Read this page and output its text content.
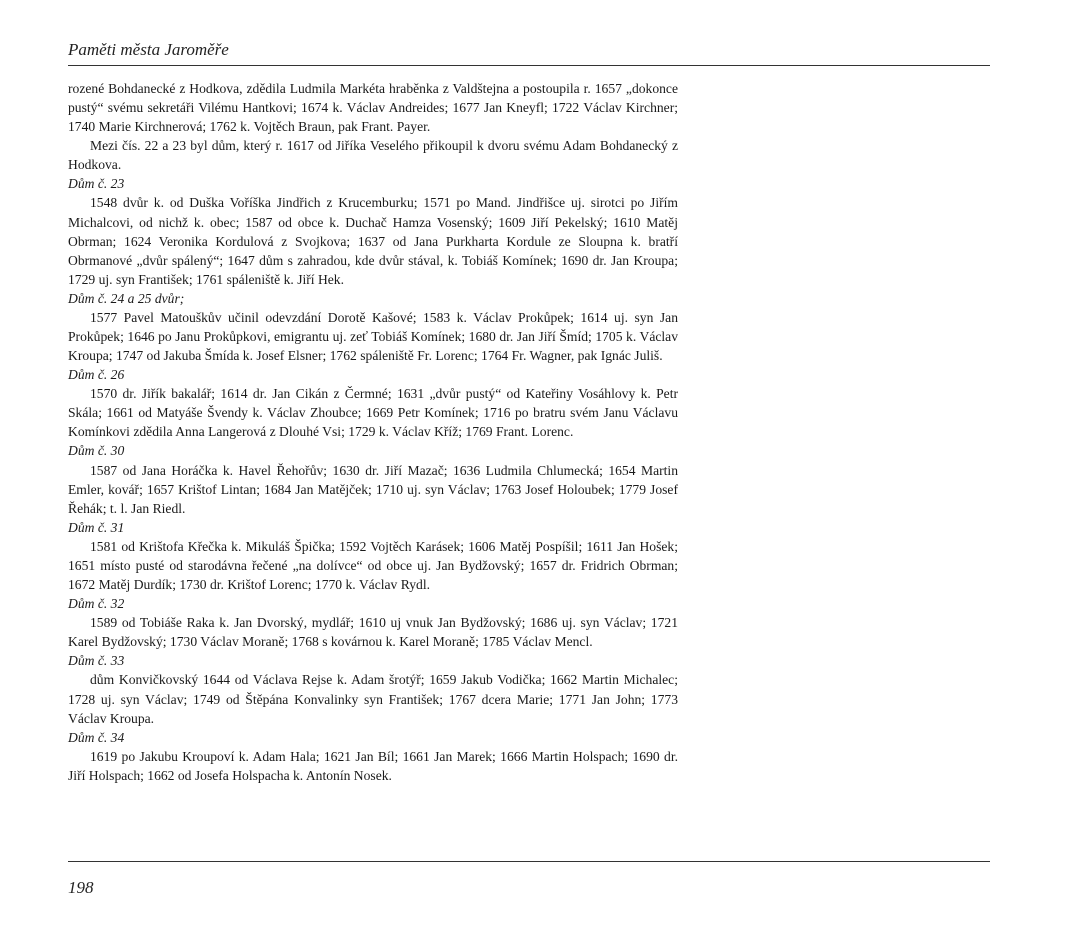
Paměti města Jaroměře

rozené Bohdanecké z Hodkova, zdědila Ludmila Markéta hraběnka z Valdštejna a postoupila r. 1657 „dokonce pustý“ svému sekretáři Vilému Hantkovi; 1674 k. Václav Andreides; 1677 Jan Kneyfl; 1722 Václav Kirchner; 1740 Marie Kirchnerová; 1762 k. Vojtěch Braun, pak Frant. Payer.

Mezi čís. 22 a 23 byl dům, který r. 1617 od Jiříka Veselého přikoupil k dvoru svému Adam Bohdanecký z Hodkova.

Dům č. 23

1548 dvůr k. od Duška Voříška Jindřich z Krucemburku; 1571 po Mand. Jindřišce uj. sirotci po Jiřím Michalcovi, od nichž k. obec; 1587 od obce k. Duchač Hamza Vosenský; 1609 Jiří Pekelský; 1610 Matěj Obrman; 1624 Veronika Kordulová z Svojkova; 1637 od Jana Purkharta Kordule ze Sloupna k. bratří Obrmanové „dvůr spálený“; 1647 dům s zahradou, kde dvůr stával, k. Tobiáš Komínek; 1690 dr. Jan Kroupa; 1729 uj. syn František; 1761 spáleniště k. Jiří Hek.

Dům č. 24 a 25 dvůr;

1577 Pavel Matouškův učinil odevzdání Dorotě Kašové; 1583 k. Václav Prokůpek; 1614 uj. syn Jan Prokůpek; 1646 po Janu Prokůpkovi, emigrantu uj. zeť Tobiáš Komínek; 1680 dr. Jan Jiří Šmíd; 1705 k. Václav Kroupa; 1747 od Jakuba Šmída k. Josef Elsner; 1762 spáleniště Fr. Lorenc; 1764 Fr. Wagner, pak Ignác Juliš.

Dům č. 26

1570 dr. Jiřík bakalář; 1614 dr. Jan Cikán z Čermné; 1631 „dvůr pustý“ od Kateřiny Vosáhlovy k. Petr Skála; 1661 od Matyáše Švendy k. Václav Zhoubce; 1669 Petr Komínek; 1716 po bratru svém Janu Václavu Komínkovi zdědila Anna Langerová z Dlouhé Vsi; 1729 k. Václav Kříž; 1769 Frant. Lorenc.

Dům č. 30

1587 od Jana Horáčka k. Havel Řehořův; 1630 dr. Jiří Mazač; 1636 Ludmila Chlumecká; 1654 Martin Emler, kovář; 1657 Krištof Lintan; 1684 Jan Matějček; 1710 uj. syn Václav; 1763 Josef Holoubek; 1779 Josef Řehák; t. l. Jan Riedl.

Dům č. 31

1581 od Krištofa Křečka k. Mikuláš Špička; 1592 Vojtěch Karásek; 1606 Matěj Pospíšil; 1611 Jan Hošek; 1651 místo pusté od starodávna řečené „na dolívce“ od obce uj. Jan Bydžovský; 1657 dr. Fridrich Obrman; 1672 Matěj Durdík; 1730 dr. Krištof Lorenc; 1770 k. Václav Rydl.

Dům č. 32

1589 od Tobiáše Raka k. Jan Dvorský, mydlář; 1610 uj vnuk Jan Bydžovský; 1686 uj. syn Václav; 1721 Karel Bydžovský; 1730 Václav Moraně; 1768 s kovárnou k. Karel Moraně; 1785 Václav Mencl.

Dům č. 33

dům Konvičkovský 1644 od Václava Rejse k. Adam šrotýř; 1659 Jakub Vodička; 1662 Martin Michalec; 1728 uj. syn Václav; 1749 od Štěpána Konvalinky syn František; 1767 dcera Marie; 1771 Jan John; 1773 Václav Kroupa.

Dům č. 34

1619 po Jakubu Kroupoví k. Adam Hala; 1621 Jan Bíl; 1661 Jan Marek; 1666 Martin Holspach; 1690 dr. Jiří Holspach; 1662 od Josefa Holspacha k. Antonín Nosek.

198
